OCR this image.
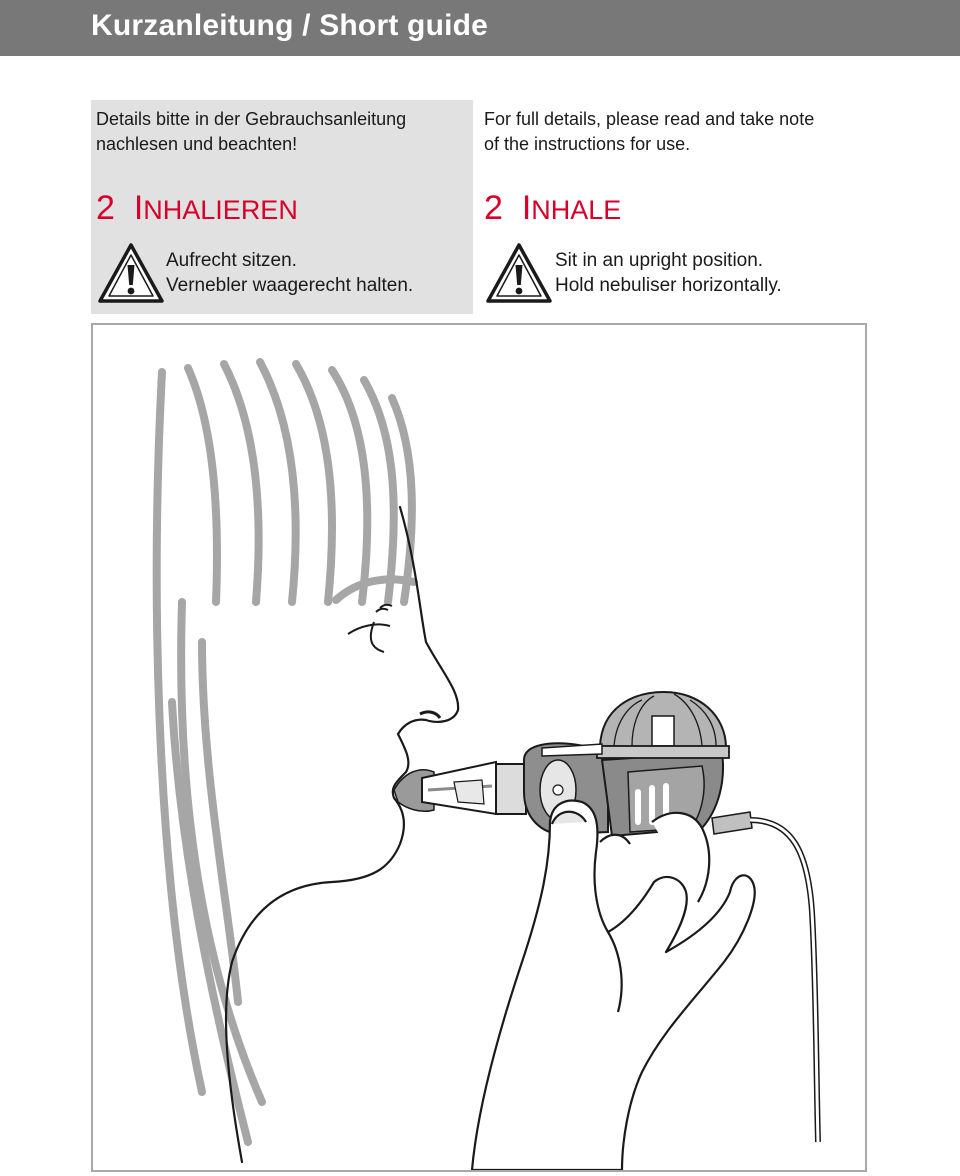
Kurzanleitung / Short guide
Details bitte in der Gebrauchsanleitung
nachlesen und beachten!
2 INHALIEREN
Aufrecht sitzen.
Vernebler waagerecht halten.
For full details, please read and take note
of the instructions for use.
2 INHALE
Sit in an upright position.
Hold nebuliser horizontally.
